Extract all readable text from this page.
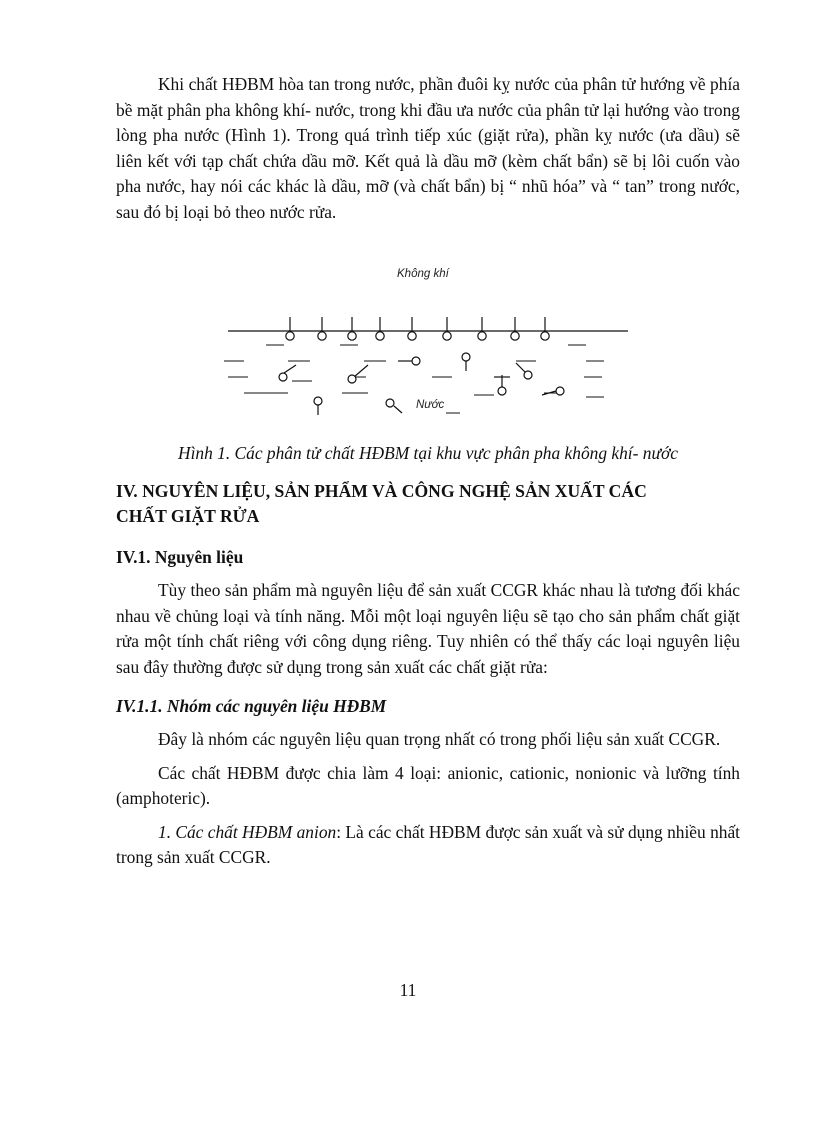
Khi chất HĐBM hòa tan trong nước, phần đuôi kỵ nước của phân tử hướng về phía bề mặt phân pha không khí- nước, trong khi đầu ưa nước của phân tử lại hướng vào trong lòng pha nước (Hình 1). Trong quá trình tiếp xúc (giặt rửa), phần kỵ nước (ưa dầu) sẽ liên kết với tạp chất chứa dầu mỡ. Kết quả là dầu mỡ (kèm chất bẩn) sẽ bị lôi cuốn vào pha nước, hay nói các khác là dầu, mỡ (và chất bẩn) bị “ nhũ hóa” và “ tan” trong nước, sau đó bị loại bỏ theo nước rửa.

Không khí
Nước

Hình 1. Các phân tử chất HĐBM tại khu vực phân pha không khí- nước

IV. NGUYÊN LIỆU, SẢN PHẨM VÀ CÔNG NGHỆ SẢN XUẤT CÁC
CHẤT GIẶT RỬA
IV.1. Nguyên liệu

Tùy theo sản phẩm mà nguyên liệu để sản xuất CCGR khác nhau là tương đối khác nhau về chủng loại và tính năng. Mỗi một loại nguyên liệu sẽ tạo cho sản phẩm chất giặt rửa một tính chất riêng với công dụng riêng. Tuy nhiên có thể thấy các loại nguyên liệu sau đây thường được sử dụng trong sản xuất các chất giặt rửa:

IV.1.1. Nhóm các nguyên liệu HĐBM

Đây là nhóm các nguyên liệu quan trọng nhất có trong phối liệu sản xuất CCGR.

Các chất HĐBM được chia làm 4 loại: anionic, cationic, nonionic và lưỡng tính (amphoteric).

1. Các chất HĐBM anion: Là các chất HĐBM được sản xuất và sử dụng nhiều nhất trong sản xuất CCGR.

11
